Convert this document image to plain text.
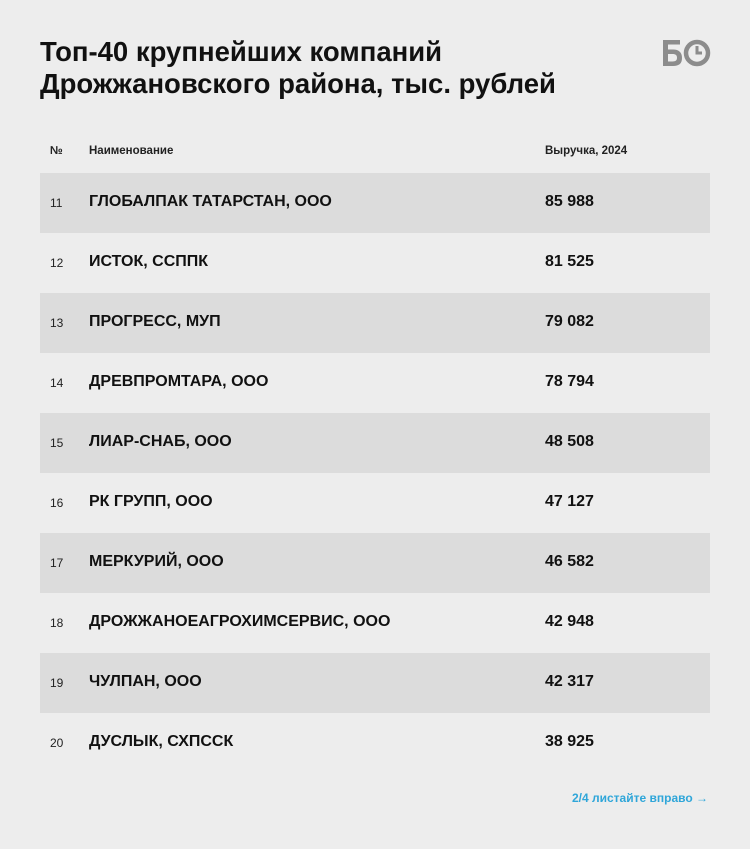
Топ-40 крупнейших компаний
Дрожжановского района, тыс. рублей
№ Наименование	Выручка, 2024
11 ГЛОБАЛПАК ТАТАРСТАН, ООО	85 988
12 ИСТОК, ССППК	81 525
13 ПРОГРЕСС, МУП	79 082
14 ДРЕВПРОМТАРА, ООО	78 794
15 ЛИАР-СНАБ, ООО	48 508
16 РК ГРУПП, ООО	47 127
17 МЕРКУРИЙ, ООО	46 582
18 ДРОЖЖАНОЕАГРОХИМСЕРВИС, ООО	42 948
19 ЧУЛПАН, ООО	42 317
20 ДУСЛЫК, СХПССК	38 925
2/4 листайте вправо →
